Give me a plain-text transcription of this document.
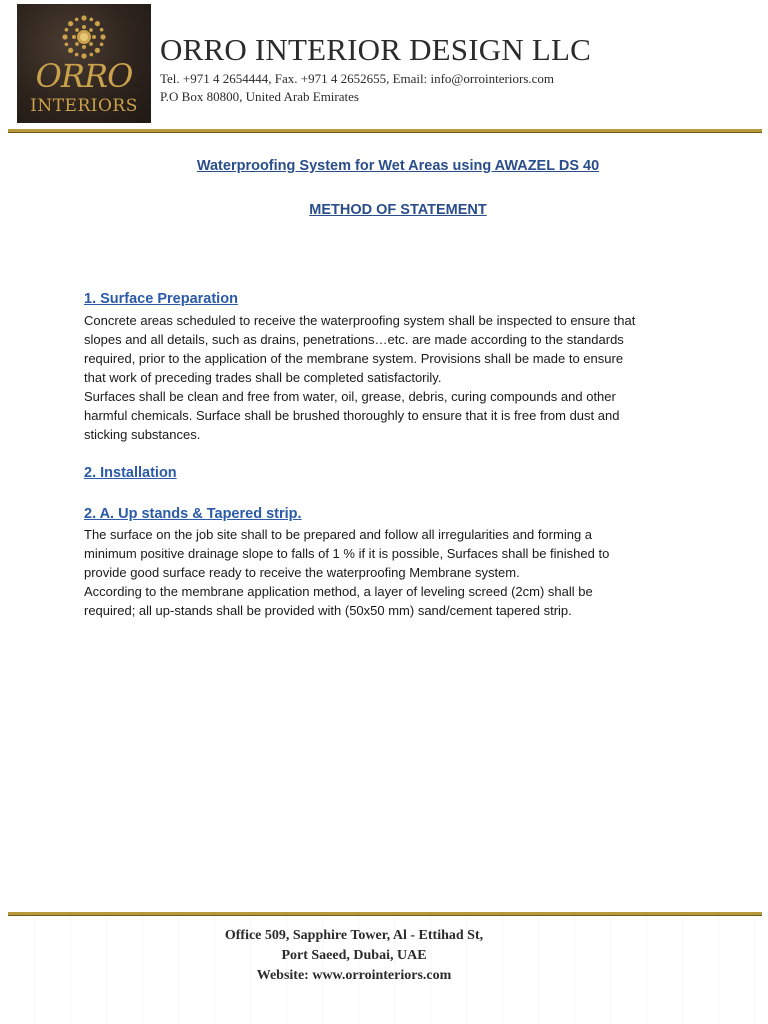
ORRO
INTERIORS
ORRO INTERIOR DESIGN LLC
Tel. +971 4 2654444, Fax. +971 4 2652655, Email: info@orrointeriors.com
P.O Box 80800, United Arab Emirates
Waterproofing System for Wet Areas using AWAZEL DS 40
METHOD OF STATEMENT
1. Surface Preparation
Concrete areas scheduled to receive the waterproofing system shall be inspected to ensure that
slopes and all details, such as drains, penetrations…etc. are made according to the standards
required, prior to the application of the membrane system. Provisions shall be made to ensure
that work of preceding trades shall be completed satisfactorily.
Surfaces shall be clean and free from water, oil, grease, debris, curing compounds and other
harmful chemicals. Surface shall be brushed thoroughly to ensure that it is free from dust and
sticking substances.
2. Installation
2. A. Up stands & Tapered strip.
The surface on the job site shall to be prepared and follow all irregularities and forming a
minimum positive drainage slope to falls of 1 % if it is possible, Surfaces shall be finished to
provide good surface ready to receive the waterproofing Membrane system.
According to the membrane application method, a layer of leveling screed (2cm) shall be
required; all up-stands shall be provided with (50x50 mm) sand/cement tapered strip.
Office 509, Sapphire Tower, Al - Ettihad St,
Port Saeed, Dubai, UAE
Website: www.orrointeriors.com
